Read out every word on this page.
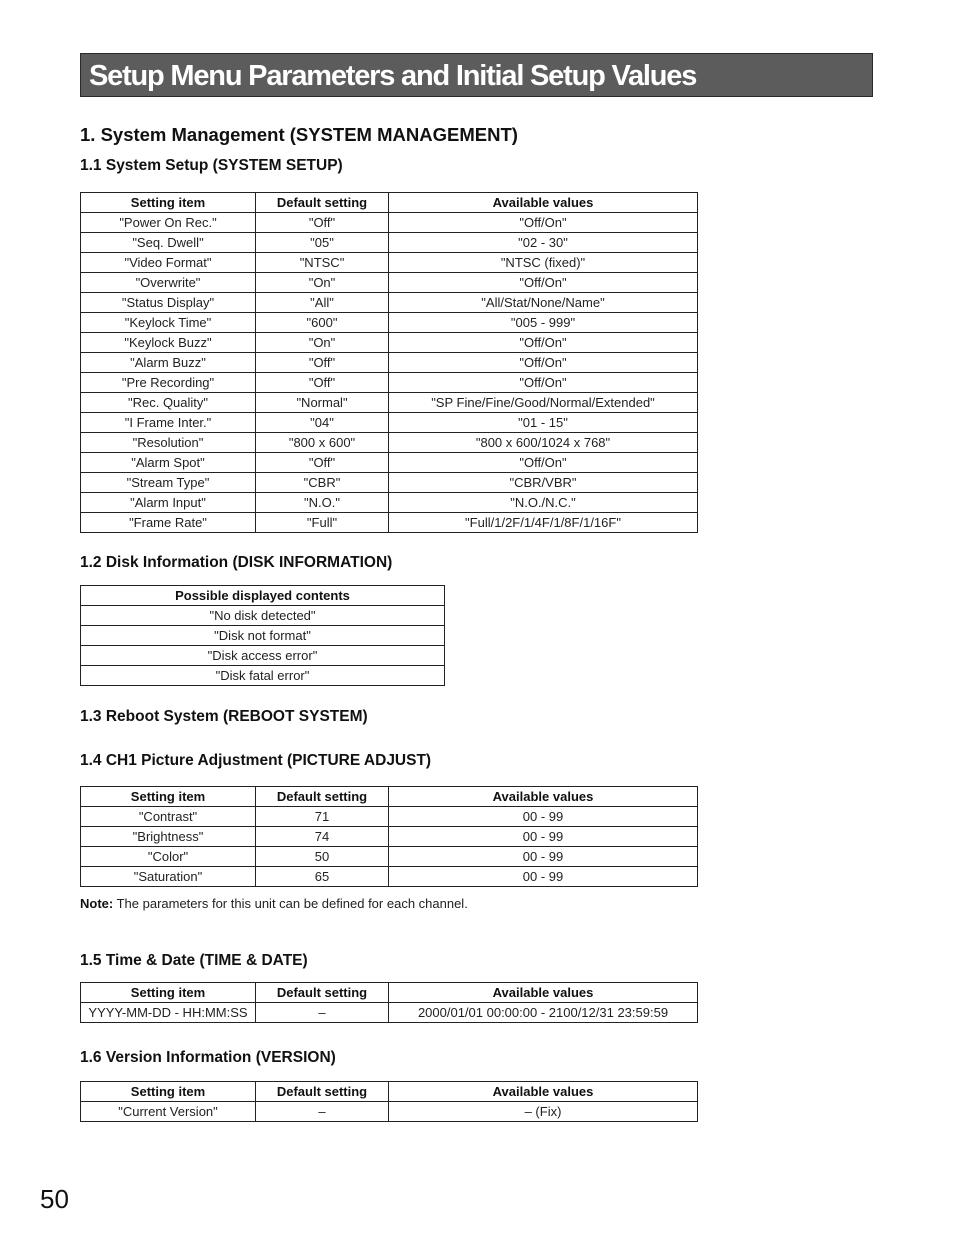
Setup Menu Parameters and Initial Setup Values
1. System Management (SYSTEM MANAGEMENT)
1.1 System Setup (SYSTEM SETUP)
Setting item	Default setting	Available values
"Power On Rec."	"Off"	"Off/On"
"Seq. Dwell"	"05"	"02 - 30"
"Video Format"	"NTSC"	"NTSC (fixed)"
"Overwrite"	"On"	"Off/On"
"Status Display"	"All"	"All/Stat/None/Name"
"Keylock Time"	"600"	"005 - 999"
"Keylock Buzz"	"On"	"Off/On"
"Alarm Buzz"	"Off"	"Off/On"
"Pre Recording"	"Off"	"Off/On"
"Rec. Quality"	"Normal"	"SP Fine/Fine/Good/Normal/Extended"
"I Frame Inter."	"04"	"01 - 15"
"Resolution"	"800 x 600"	"800 x 600/1024 x 768"
"Alarm Spot"	"Off"	"Off/On"
"Stream Type"	"CBR"	"CBR/VBR"
"Alarm Input"	"N.O."	"N.O./N.C."
"Frame Rate"	"Full"	"Full/1/2F/1/4F/1/8F/1/16F"
1.2 Disk Information (DISK INFORMATION)
Possible displayed contents
"No disk detected"
"Disk not format"
"Disk access error"
"Disk fatal error"
1.3 Reboot System (REBOOT SYSTEM)
1.4 CH1 Picture Adjustment (PICTURE ADJUST)
Setting item	Default setting	Available values
"Contrast"	71	00 - 99
"Brightness"	74	00 - 99
"Color"	50	00 - 99
"Saturation"	65	00 - 99
Note: The parameters for this unit can be defined for each channel.
1.5 Time & Date (TIME & DATE)
Setting item	Default setting	Available values
YYYY-MM-DD - HH:MM:SS	–	2000/01/01 00:00:00 - 2100/12/31 23:59:59
1.6 Version Information (VERSION)
Setting item	Default setting	Available values
"Current Version"	–	– (Fix)
50
